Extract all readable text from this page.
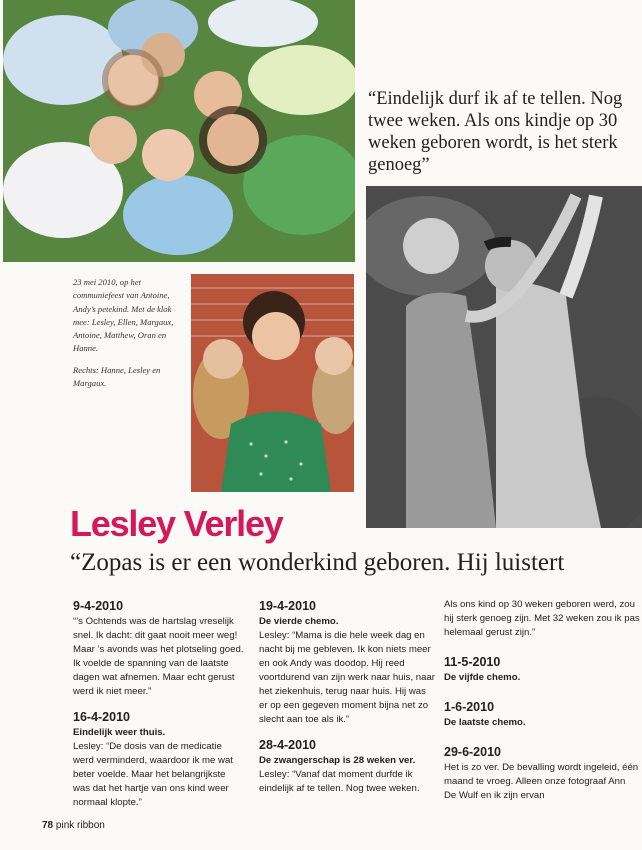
“Eindelijk durf ik af te tellen. Nog twee weken. Als ons kindje op 30 weken geboren wordt, is het sterk genoeg”

23 mei 2010, op het communiefeest van Antoine, Andy’s petekind. Met de klok mee: Lesley, Ellen, Margaux, Antoine, Matthew, Oran en Hanne.

Rechts: Hanne, Lesley en Margaux.

Lesley Verley
“Zopas is er een wonderkind geboren. Hij luistert
9-4-2010

“’s Ochtends was de hartslag vreselijk snel. Ik dacht: dit gaat nooit meer weg! Maar ’s avonds was het plotseling goed. Ik voelde de spanning van de laatste dagen wat afnemen. Maar echt gerust werd ik niet meer.”

16-4-2010
Eindelijk weer thuis.

Lesley: “De dosis van de medicatie werd verminderd, waardoor ik me wat beter voelde. Maar het belangrijkste was dat het hartje van ons kind weer normaal klopte.”

19-4-2010
De vierde chemo.

Lesley: “Mama is die hele week dag en nacht bij me gebleven. Ik kon niets meer en ook Andy was doodop. Hij reed voortdurend van zijn werk naar huis, naar het ziekenhuis, terug naar huis. Hij was er op een gegeven moment bijna net zo slecht aan toe als ik.”

28-4-2010
De zwangerschap is 28 weken ver.

Lesley: “Vanaf dat moment durfde ik eindelijk af te tellen. Nog twee weken.

Als ons kind op 30 weken geboren werd, zou hij sterk genoeg zijn. Met 32 weken zou ik pas helemaal gerust zijn.”

11-5-2010
De vijfde chemo.
1-6-2010
De laatste chemo.
29-6-2010

Het is zo ver. De bevalling wordt ingeleid, één maand te vroeg. Alleen onze fotograaf Ann De Wulf en ik zijn ervan

78 pink ribbon
